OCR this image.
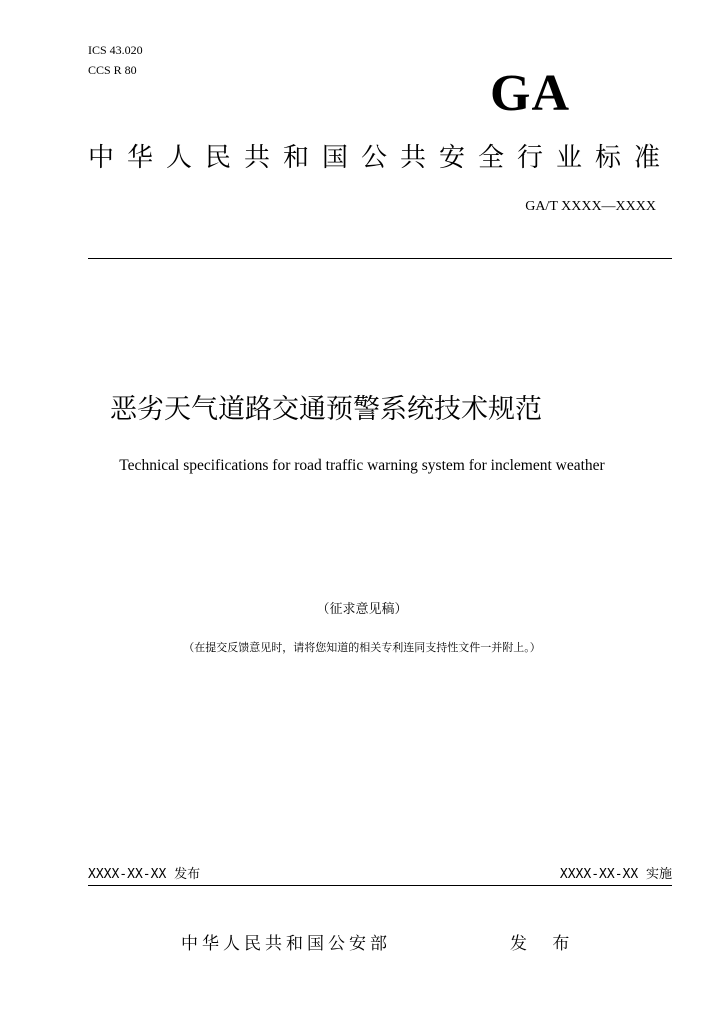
ICS 43.020
CCS R 80	GA
中华人民共和国公共安全行业标准
GA/T XXXX—XXXX
恶劣天气道路交通预警系统技术规范
Technical specifications for road traffic warning system for inclement weather
（征求意见稿）
（在提交反馈意见时，请将您知道的相关专利连同支持性文件一并附上。）
XXXX-XX-XX 发布	XXXX-XX-XX 实施
中华人民共和国公安部	发 布
